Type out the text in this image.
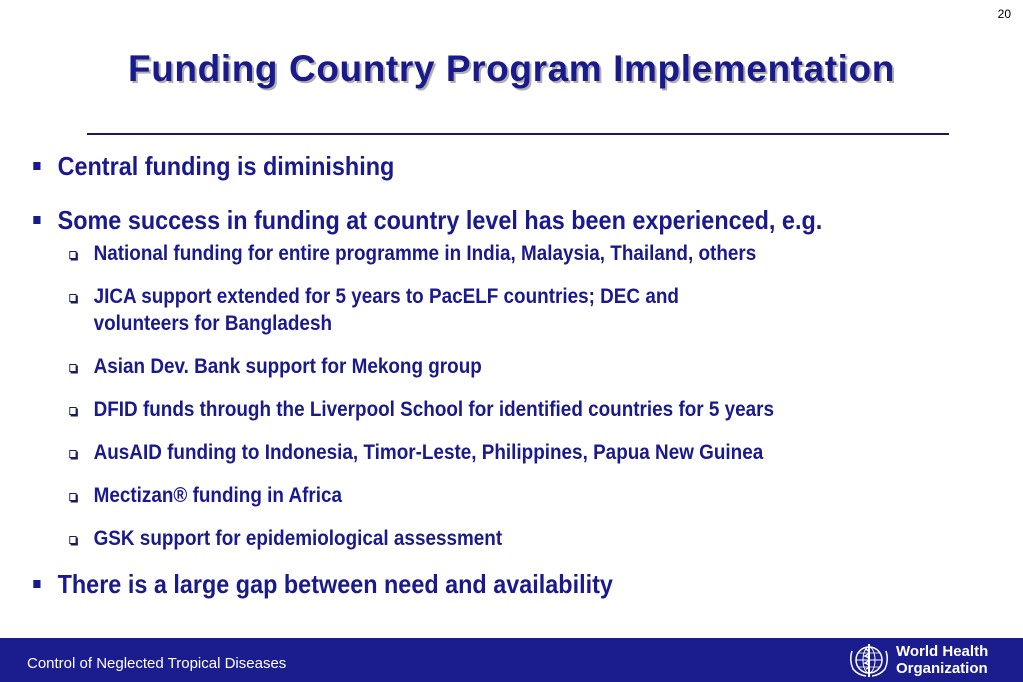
20
Funding Country Program Implementation
Central funding is diminishing
Some success in funding at country level has been experienced, e.g.
National funding for entire programme in India, Malaysia, Thailand, others
JICA support extended for 5 years to PacELF countries; DEC and
volunteers for Bangladesh
Asian Dev. Bank support for Mekong group
DFID funds through the Liverpool School for identified countries for 5 years
AusAID funding to Indonesia, Timor-Leste, Philippines, Papua New Guinea
Mectizan® funding in Africa
GSK support for epidemiological assessment
There is a large gap between need and availability
Control of Neglected Tropical Diseases
World Health
Organization
